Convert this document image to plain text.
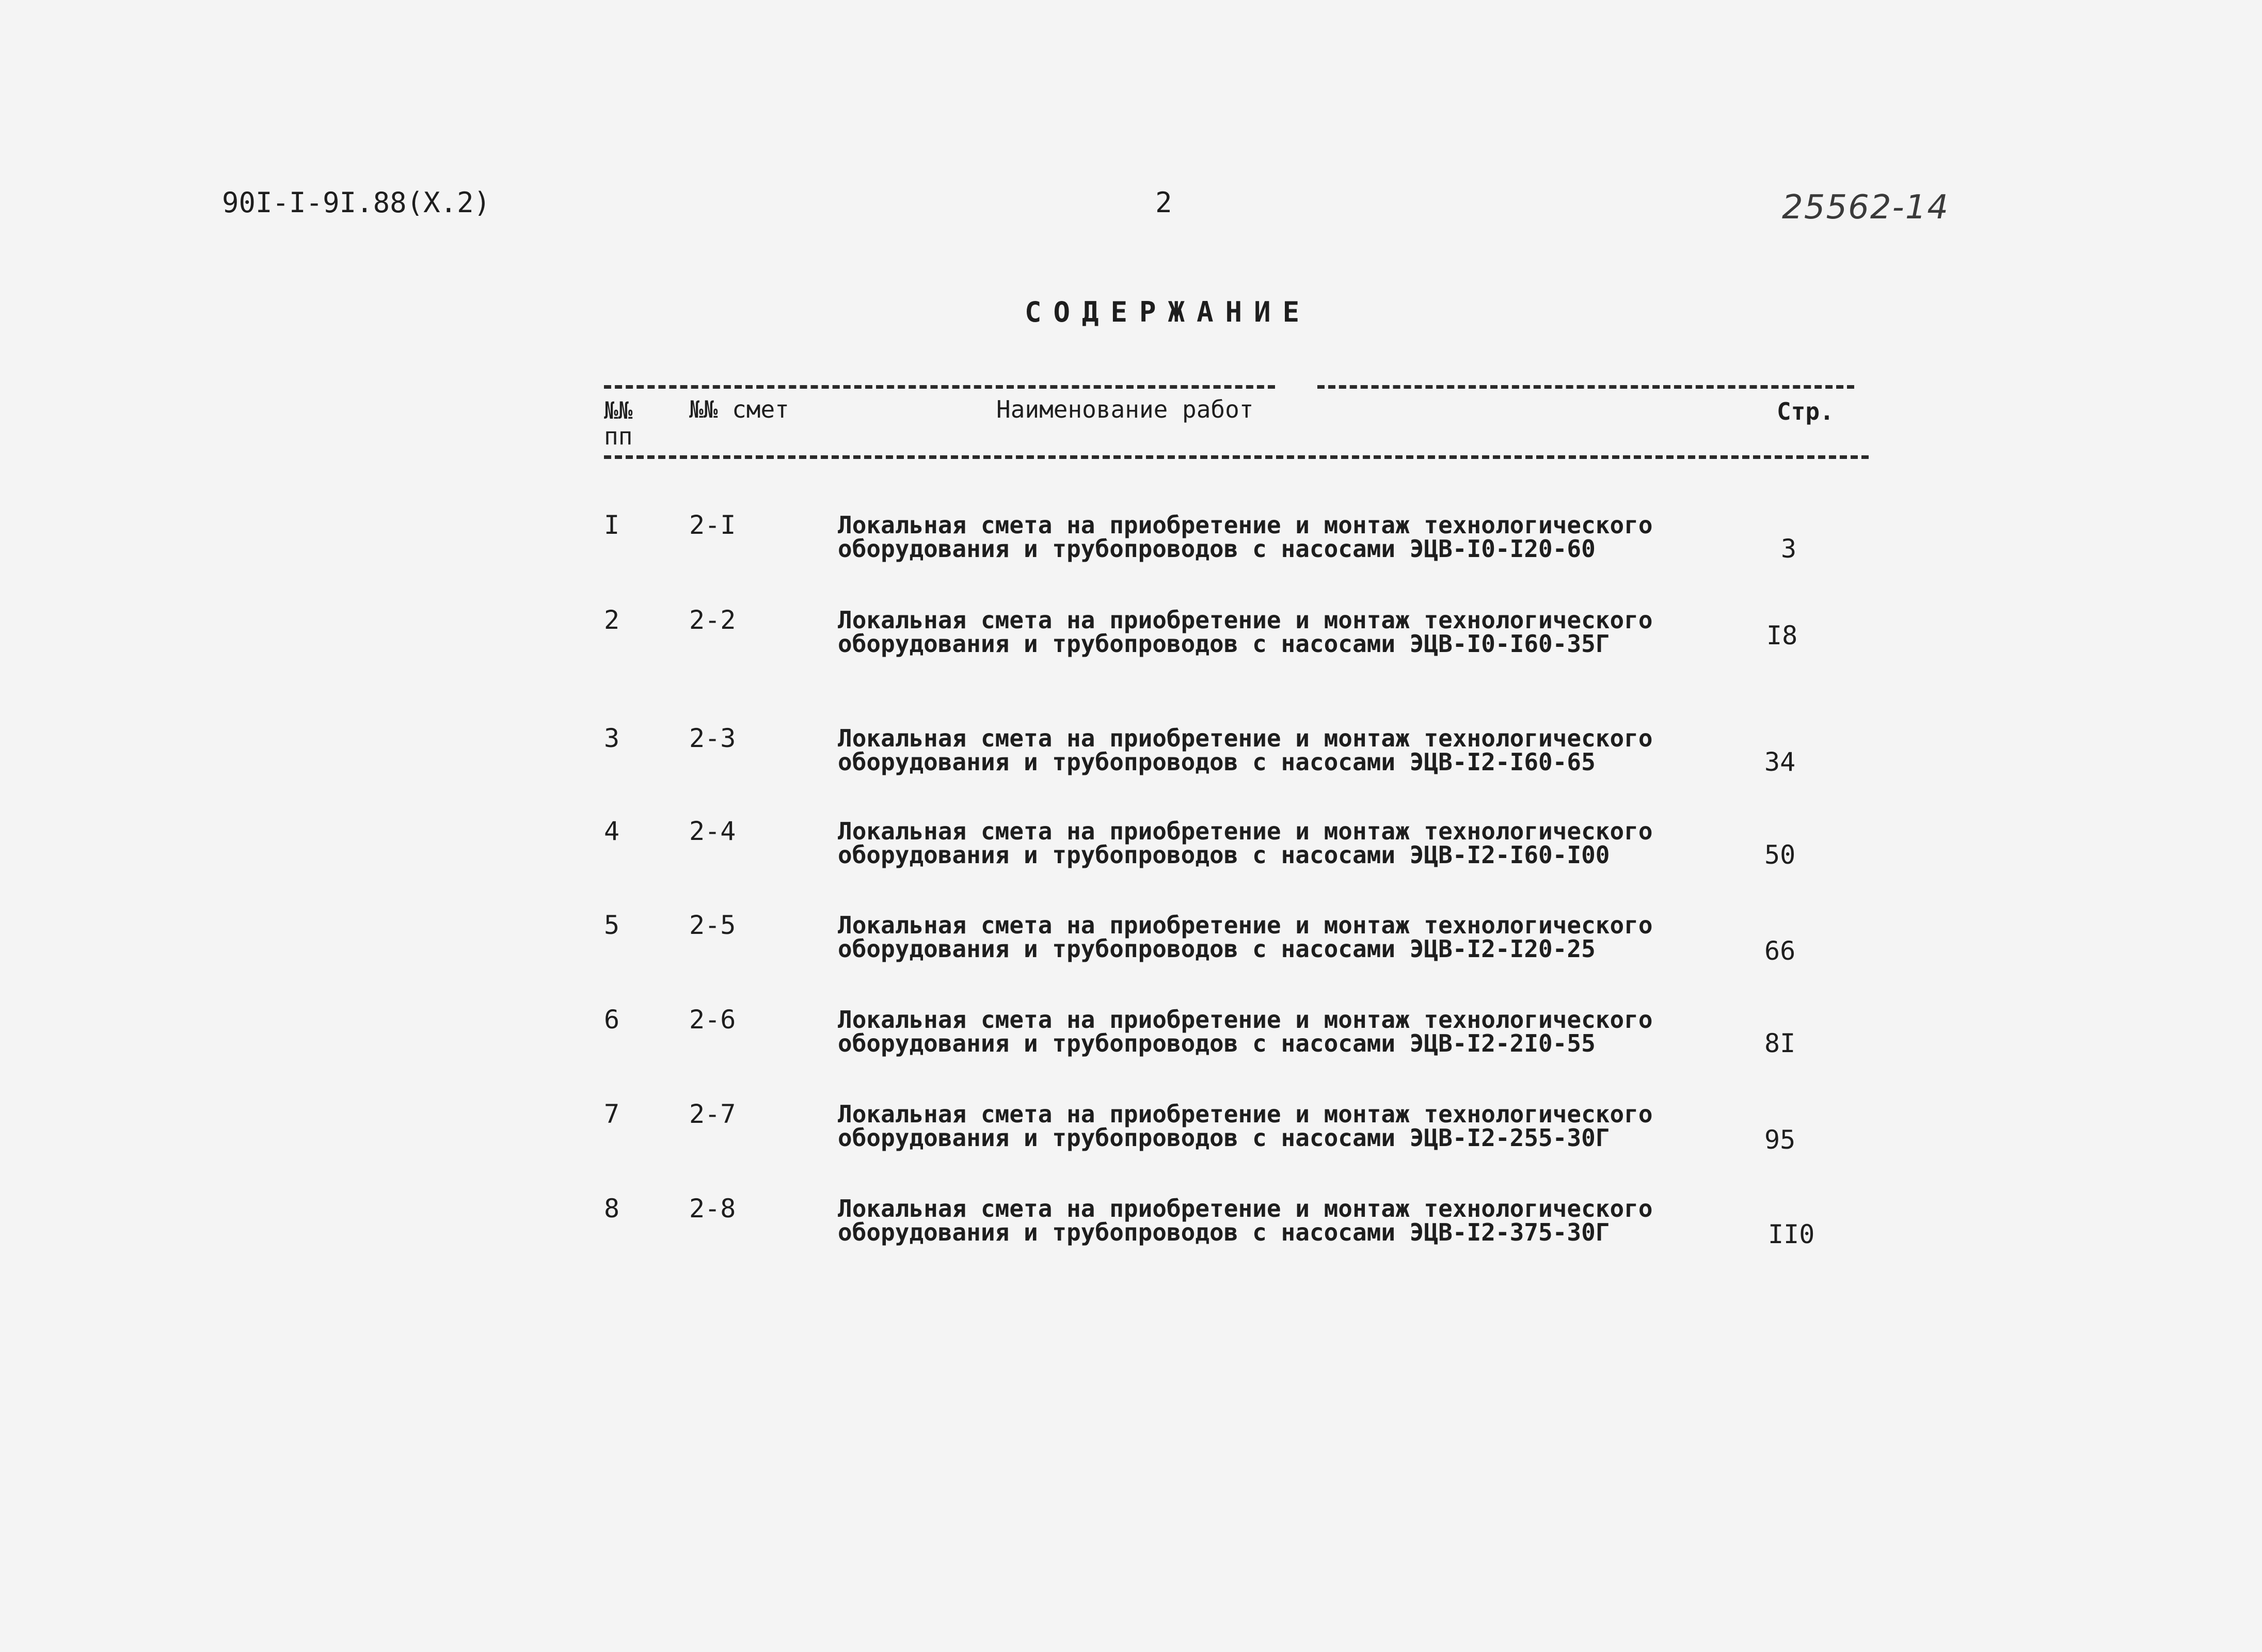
90I-I-9I.88(Х.2)	2	25562-14
СОДЕРЖАНИЕ
№№
пп
№№ смет	Наименование работ	Стр.
I	2-I	Локальная смета на приобретение и монтаж технологического
оборудования и трубопроводов с насосами ЭЦВ-I0-I20-60	3
2	2-2	Локальная смета на приобретение и монтаж технологического
оборудования и трубопроводов с насосами ЭЦВ-I0-I60-35Г	I8
3	2-3	Локальная смета на приобретение и монтаж технологического
оборудования и трубопроводов с насосами ЭЦВ-I2-I60-65	34
4	2-4	Локальная смета на приобретение и монтаж технологического
оборудования и трубопроводов с насосами ЭЦВ-I2-I60-I00	50
5	2-5	Локальная смета на приобретение и монтаж технологического
оборудования и трубопроводов с насосами ЭЦВ-I2-I20-25	66
6	2-6	Локальная смета на приобретение и монтаж технологического
оборудования и трубопроводов с насосами ЭЦВ-I2-2I0-55	8I
7	2-7	Локальная смета на приобретение и монтаж технологического
оборудования и трубопроводов с насосами ЭЦВ-I2-255-30Г	95
8	2-8	Локальная смета на приобретение и монтаж технологического
оборудования и трубопроводов с насосами ЭЦВ-I2-375-30Г	II0
